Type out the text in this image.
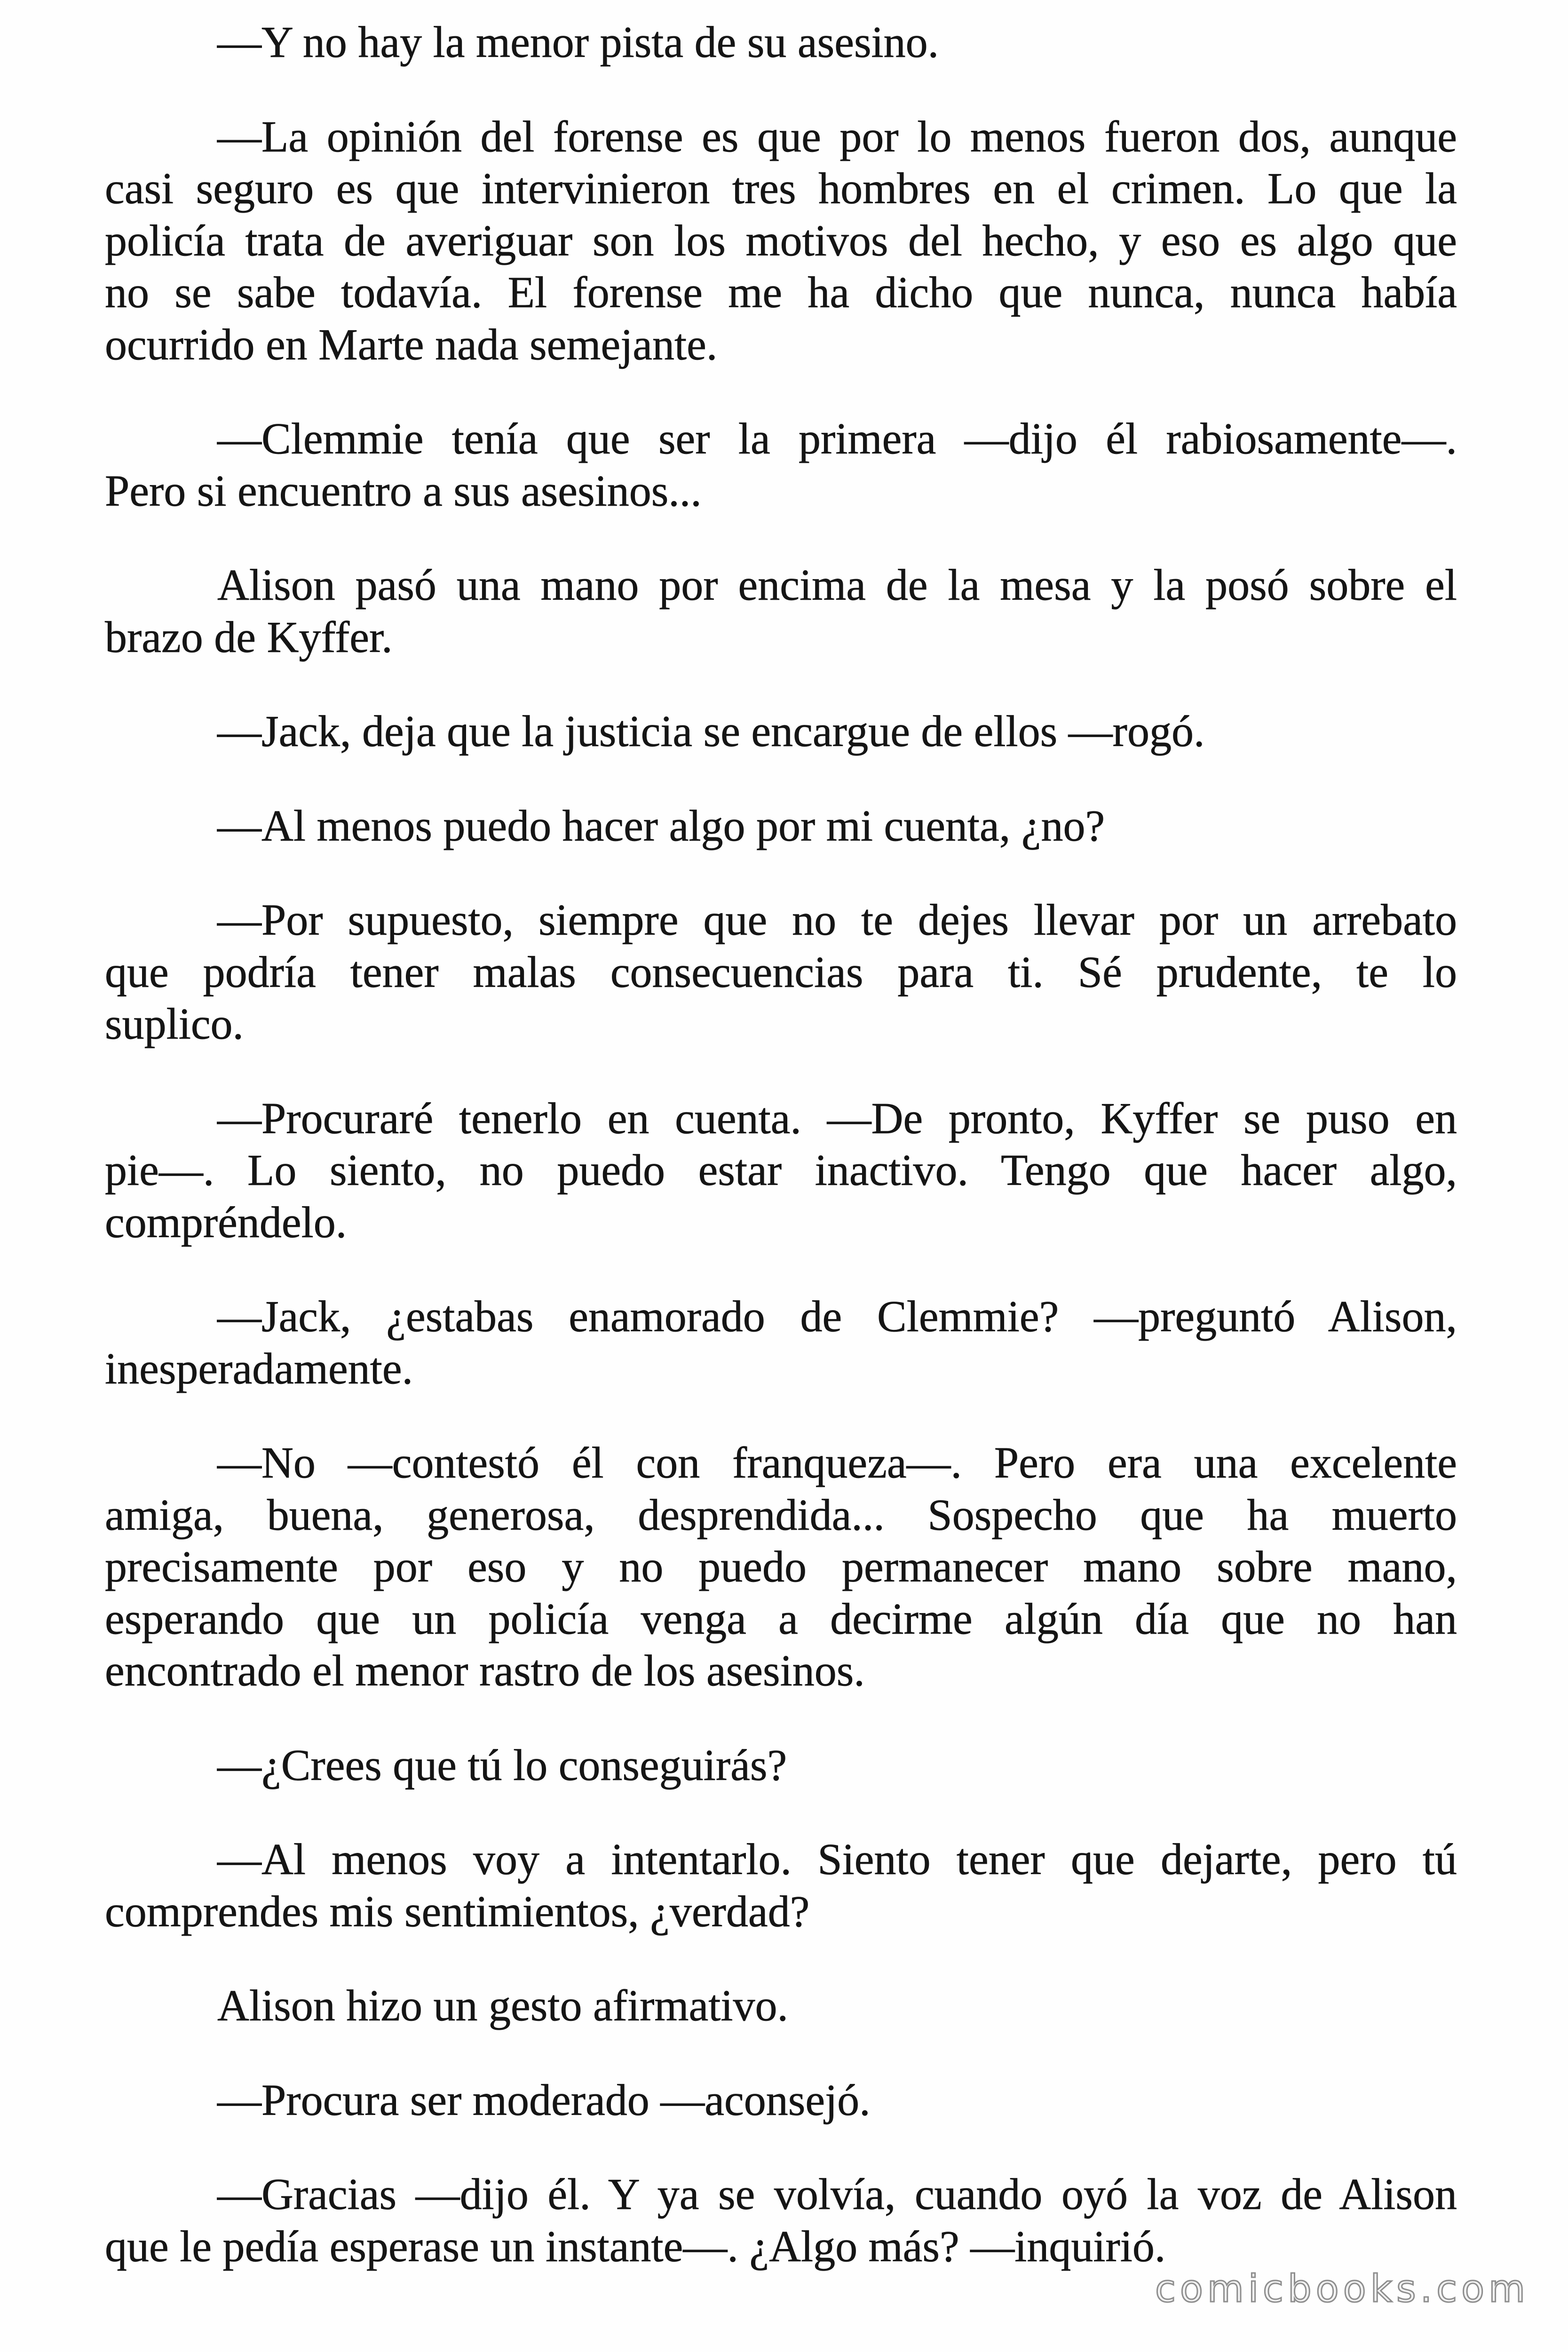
—Y no hay la menor pista de su asesino.
—La opinión del forense es que por lo menos fueron dos, aunque
casi seguro es que intervinieron tres hombres en el crimen. Lo que la
policía trata de averiguar son los motivos del hecho, y eso es algo que
no se sabe todavía. El forense me ha dicho que nunca, nunca había
ocurrido en Marte nada semejante.
—Clemmie tenía que ser la primera —dijo él rabiosamente—.
Pero si encuentro a sus asesinos...
Alison pasó una mano por encima de la mesa y la posó sobre el
brazo de Kyffer.
—Jack, deja que la justicia se encargue de ellos —rogó.
—Al menos puedo hacer algo por mi cuenta, ¿no?
—Por supuesto, siempre que no te dejes llevar por un arrebato
que podría tener malas consecuencias para ti. Sé prudente, te lo
suplico.
—Procuraré tenerlo en cuenta. —De pronto, Kyffer se puso en
pie—. Lo siento, no puedo estar inactivo. Tengo que hacer algo,
compréndelo.
—Jack, ¿estabas enamorado de Clemmie? —preguntó Alison,
inesperadamente.
—No —contestó él con franqueza—. Pero era una excelente
amiga, buena, generosa, desprendida... Sospecho que ha muerto
precisamente por eso y no puedo permanecer mano sobre mano,
esperando que un policía venga a decirme algún día que no han
encontrado el menor rastro de los asesinos.
—¿Crees que tú lo conseguirás?
—Al menos voy a intentarlo. Siento tener que dejarte, pero tú
comprendes mis sentimientos, ¿verdad?
Alison hizo un gesto afirmativo.
—Procura ser moderado —aconsejó.
—Gracias —dijo él. Y ya se volvía, cuando oyó la voz de Alison
que le pedía esperase un instante—. ¿Algo más? —inquirió.
comicbooks.com
